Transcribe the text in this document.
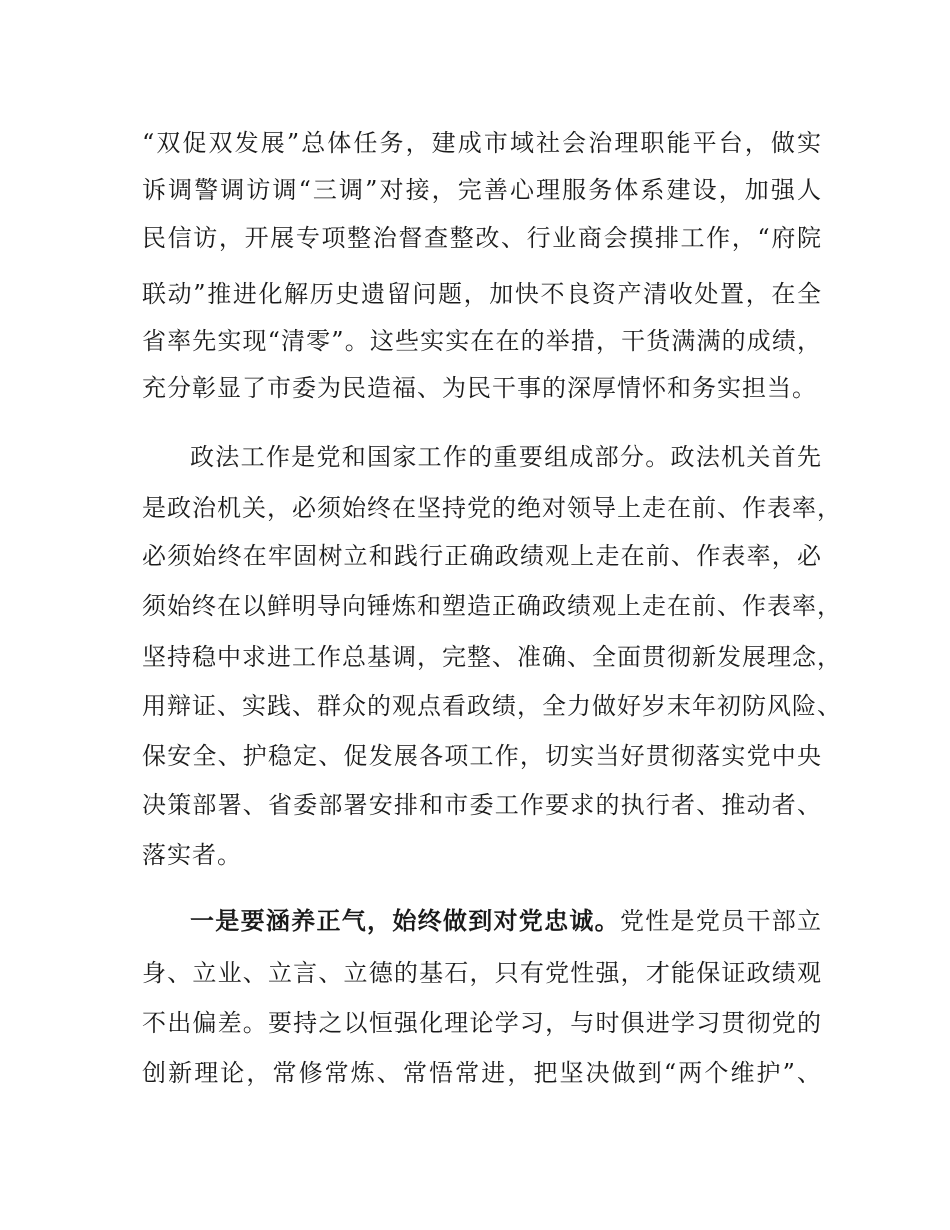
“双促双发展”总体任务，建成市域社会治理职能平台，做实
诉调警调访调“三调”对接，完善心理服务体系建设，加强人
民信访，开展专项整治督查整改、行业商会摸排工作，“府院
联动”推进化解历史遗留问题，加快不良资产清收处置，在全
省率先实现“清零”。这些实实在在的举措，干货满满的成绩，
充分彰显了市委为民造福、为民干事的深厚情怀和务实担当。
政法工作是党和国家工作的重要组成部分。政法机关首先
是政治机关，必须始终在坚持党的绝对领导上走在前、作表率，
必须始终在牢固树立和践行正确政绩观上走在前、作表率，必
须始终在以鲜明导向锤炼和塑造正确政绩观上走在前、作表率，
坚持稳中求进工作总基调，完整、准确、全面贯彻新发展理念，
用辩证、实践、群众的观点看政绩，全力做好岁末年初防风险、
保安全、护稳定、促发展各项工作，切实当好贯彻落实党中央
决策部署、省委部署安排和市委工作要求的执行者、推动者、
落实者。
一是要涵养正气，始终做到对党忠诚。党性是党员干部立
身、立业、立言、立德的基石，只有党性强，才能保证政绩观
不出偏差。要持之以恒强化理论学习，与时俱进学习贯彻党的
创新理论，常修常炼、常悟常进，把坚决做到“两个维护”、
